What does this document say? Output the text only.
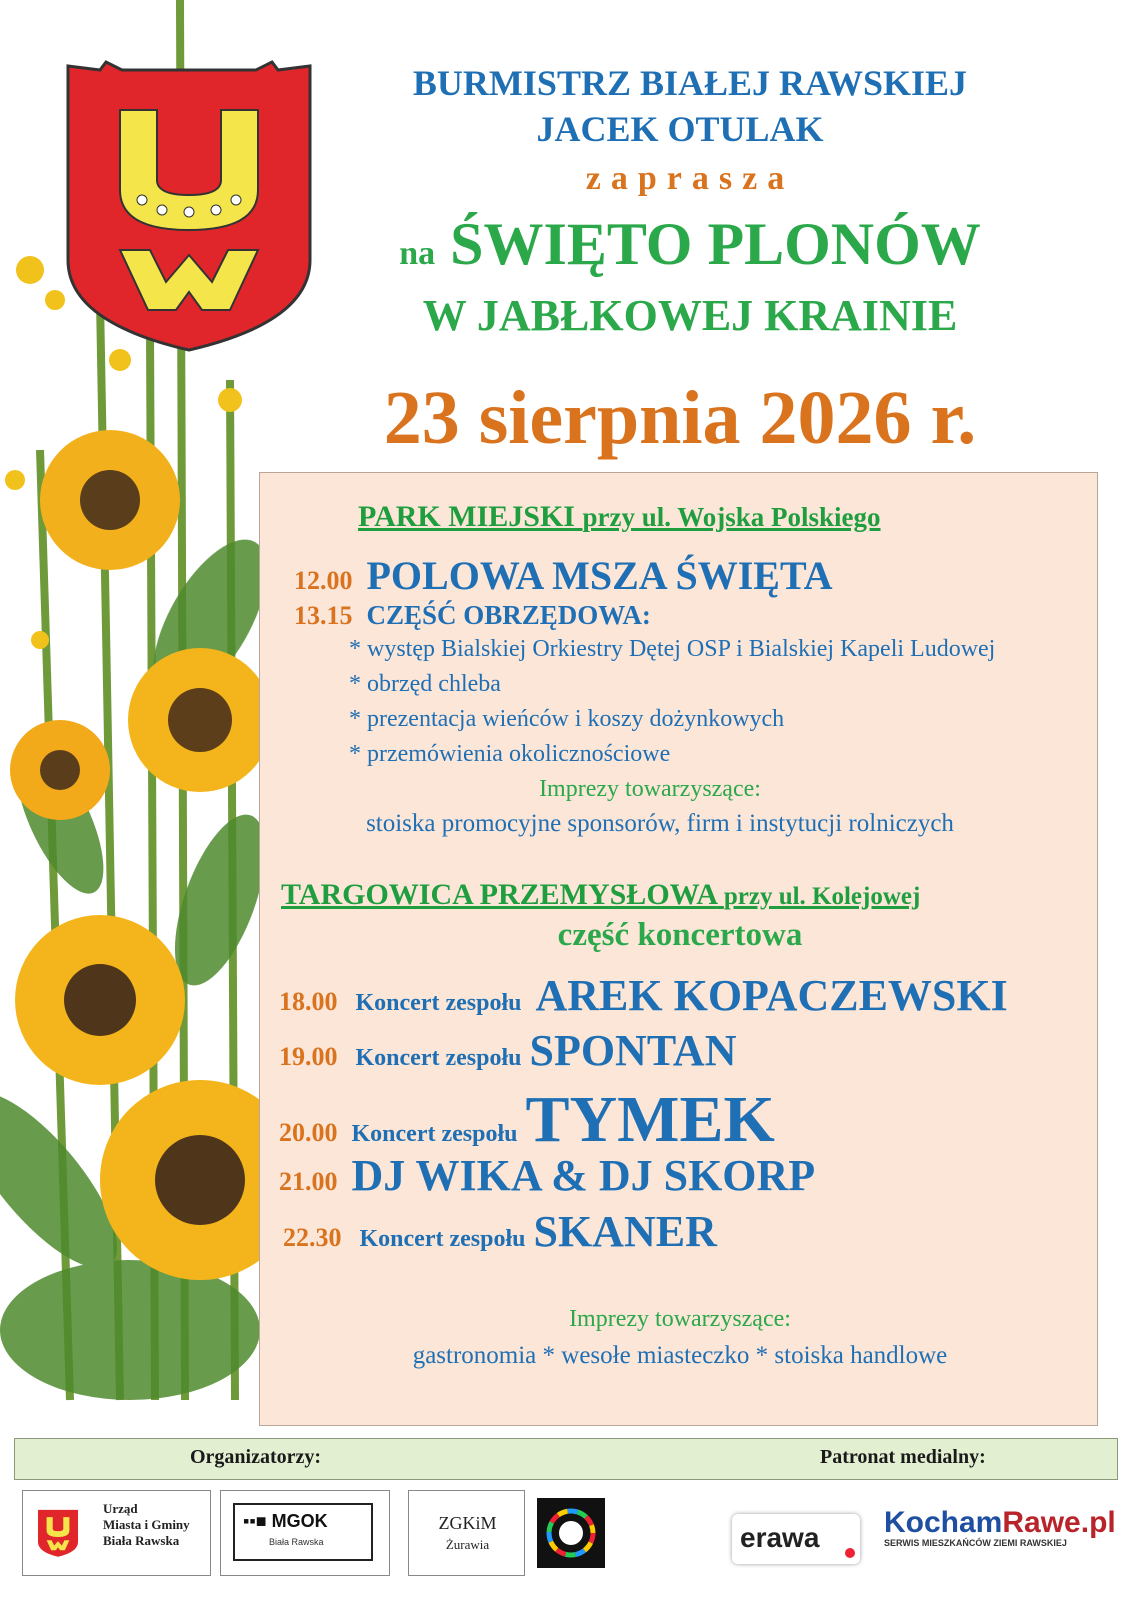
BURMISTRZ BIAŁEJ RAWSKIEJ
JACEK OTULAK
zaprasza
na ŚWIĘTO PLONÓW
W JABŁKOWEJ KRAINIE
23 sierpnia 2026 r.
PARK MIEJSKI przy ul. Wojska Polskiego
12.00 POLOWA MSZA ŚWIĘTA
13.15 CZĘŚĆ OBRZĘDOWA:
* występ Bialskiej Orkiestry Dętej OSP i Bialskiej Kapeli Ludowej
* obrzęd chleba
* prezentacja wieńców i koszy dożynkowych
* przemówienia okolicznościowe
Imprezy towarzyszące:
stoiska promocyjne sponsorów, firm i instytucji rolniczych
TARGOWICA PRZEMYSŁOWA przy ul. Kolejowej
część koncertowa
18.00 Koncert zespołu AREK KOPACZEWSKI
19.00 Koncert zespołu SPONTAN
20.00 Koncert zespołu TYMEK
21.00 DJ WIKA & DJ SKORP
22.30 Koncert zespołu SKANER
Imprezy towarzyszące:
gastronomia * wesołe miasteczko * stoiska handlowe
Organizatorzy:	Patronat medialny:
Urząd
Miasta i Gminy
Biała Rawska
▪▪■ MGOK
Biała Rawska
ZGKiM
Żurawia	erawa KochamRawe.pl
SERWIS MIESZKAŃCÓW ZIEMI RAWSKIEJ
